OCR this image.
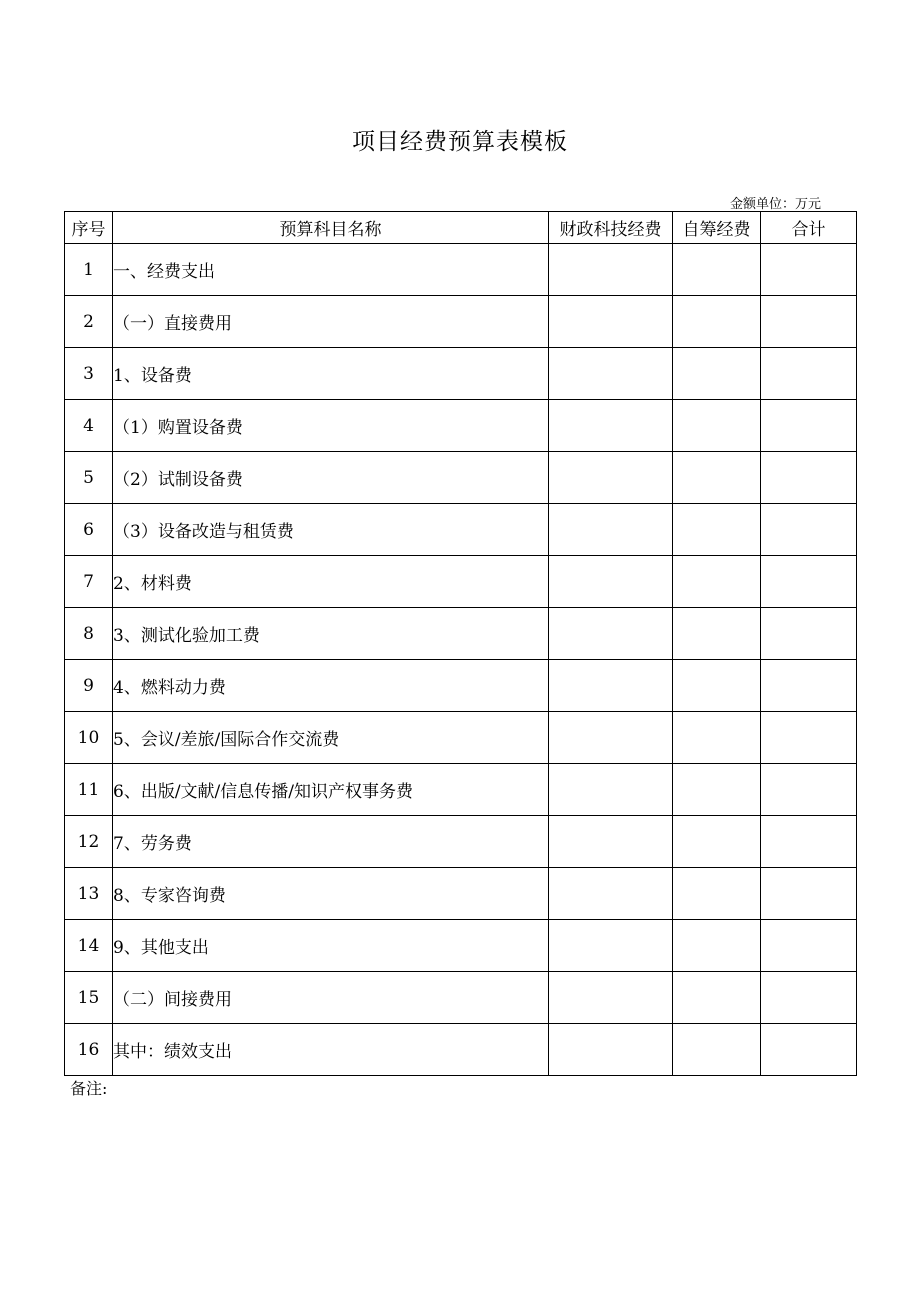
项目经费预算表模板
金额单位：万元
序号	预算科目名称	财政科技经费	自筹经费	合计
1	一、经费支出			
2	（一）直接费用			
3	1、设备费			
4	（1）购置设备费			
5	（2）试制设备费			
6	（3）设备改造与租赁费			
7	2、材料费			
8	3、测试化验加工费			
9	4、燃料动力费			
10	5、会议/差旅/国际合作交流费			
11	6、出版/文献/信息传播/知识产权事务费			
12	7、劳务费			
13	8、专家咨询费			
14	9、其他支出			
15	（二）间接费用			
16	其中：绩效支出			
备注:
